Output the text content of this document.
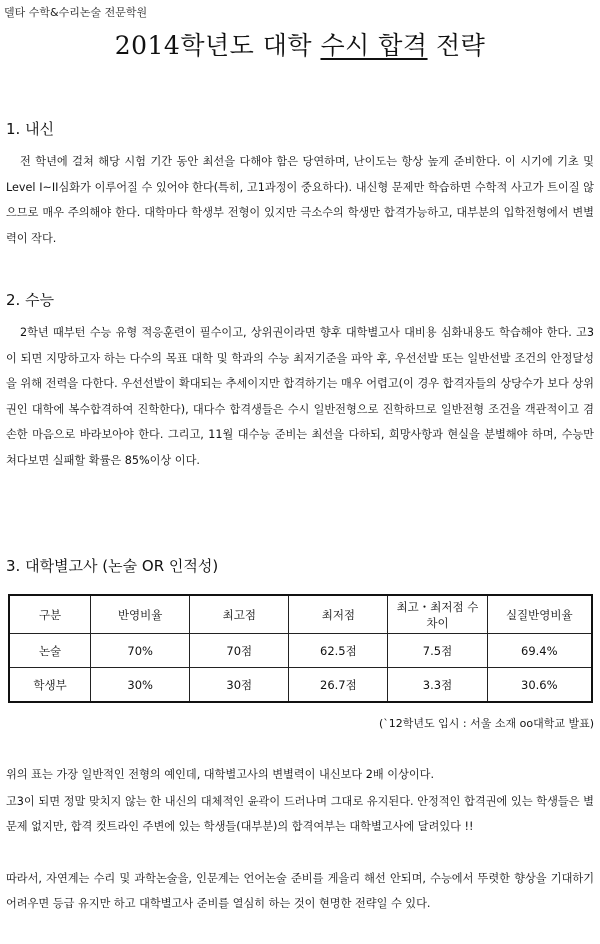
델타 수학&수리논술 전문학원
2014학년도 대학 수시 합격 전략
1. 내신
전 학년에 걸쳐 해당 시험 기간 동안 최선을 다해야 함은 당연하며, 난이도는 항상 높게 준비한다. 이 시기에 기초 및 Level I~II심화가 이루어질 수 있어야 한다(특히, 고1과정이 중요하다). 내신형 문제만 학습하면 수학적 사고가 트이질 않으므로 매우 주의해야 한다. 대학마다 학생부 전형이 있지만 극소수의 학생만 합격가능하고, 대부분의 입학전형에서 변별력이 작다.
2. 수능
2학년 때부턴 수능 유형 적응훈련이 필수이고, 상위권이라면 향후 대학별고사 대비용 심화내용도 학습해야 한다. 고3이 되면 지망하고자 하는 다수의 목표 대학 및 학과의 수능 최저기준을 파악 후, 우선선발 또는 일반선발 조건의 안정달성을 위해 전력을 다한다. 우선선발이 확대되는 추세이지만 합격하기는 매우 어렵고(이 경우 합격자들의 상당수가 보다 상위권인 대학에 복수합격하여 진학한다), 대다수 합격생들은 수시 일반전형으로 진학하므로 일반전형 조건을 객관적이고 겸손한 마음으로 바라보아야 한다. 그리고, 11월 대수능 준비는 최선을 다하되, 희망사항과 현실을 분별해야 하며, 수능만 쳐다보면 실패할 확률은 85%이상 이다.
3. 대학별고사 (논술 OR 인적성)
구분	반영비율	최고점	최저점	최고・최저점 수 차이	실질반영비율
논술	70%	70점	62.5점	7.5점	69.4%
학생부	30%	30점	26.7점	3.3점	30.6%
(`12학년도 입시 : 서울 소재 oo대학교 발표)
위의 표는 가장 일반적인 전형의 예인데, 대학별고사의 변별력이 내신보다 2배 이상이다.
고3이 되면 정말 맞치지 않는 한 내신의 대체적인 윤곽이 드러나며 그대로 유지된다. 안정적인 합격권에 있는 학생들은 별 문제 없지만, 합격 컷트라인 주변에 있는 학생들(대부분)의 합격여부는 대학별고사에 달려있다 !!
따라서, 자연계는 수리 및 과학논술을, 인문계는 언어논술 준비를 게을리 해선 안되며, 수능에서 뚜렷한 향상을 기대하기 어려우면 등급 유지만 하고 대학별고사 준비를 열심히 하는 것이 현명한 전략일 수 있다.
